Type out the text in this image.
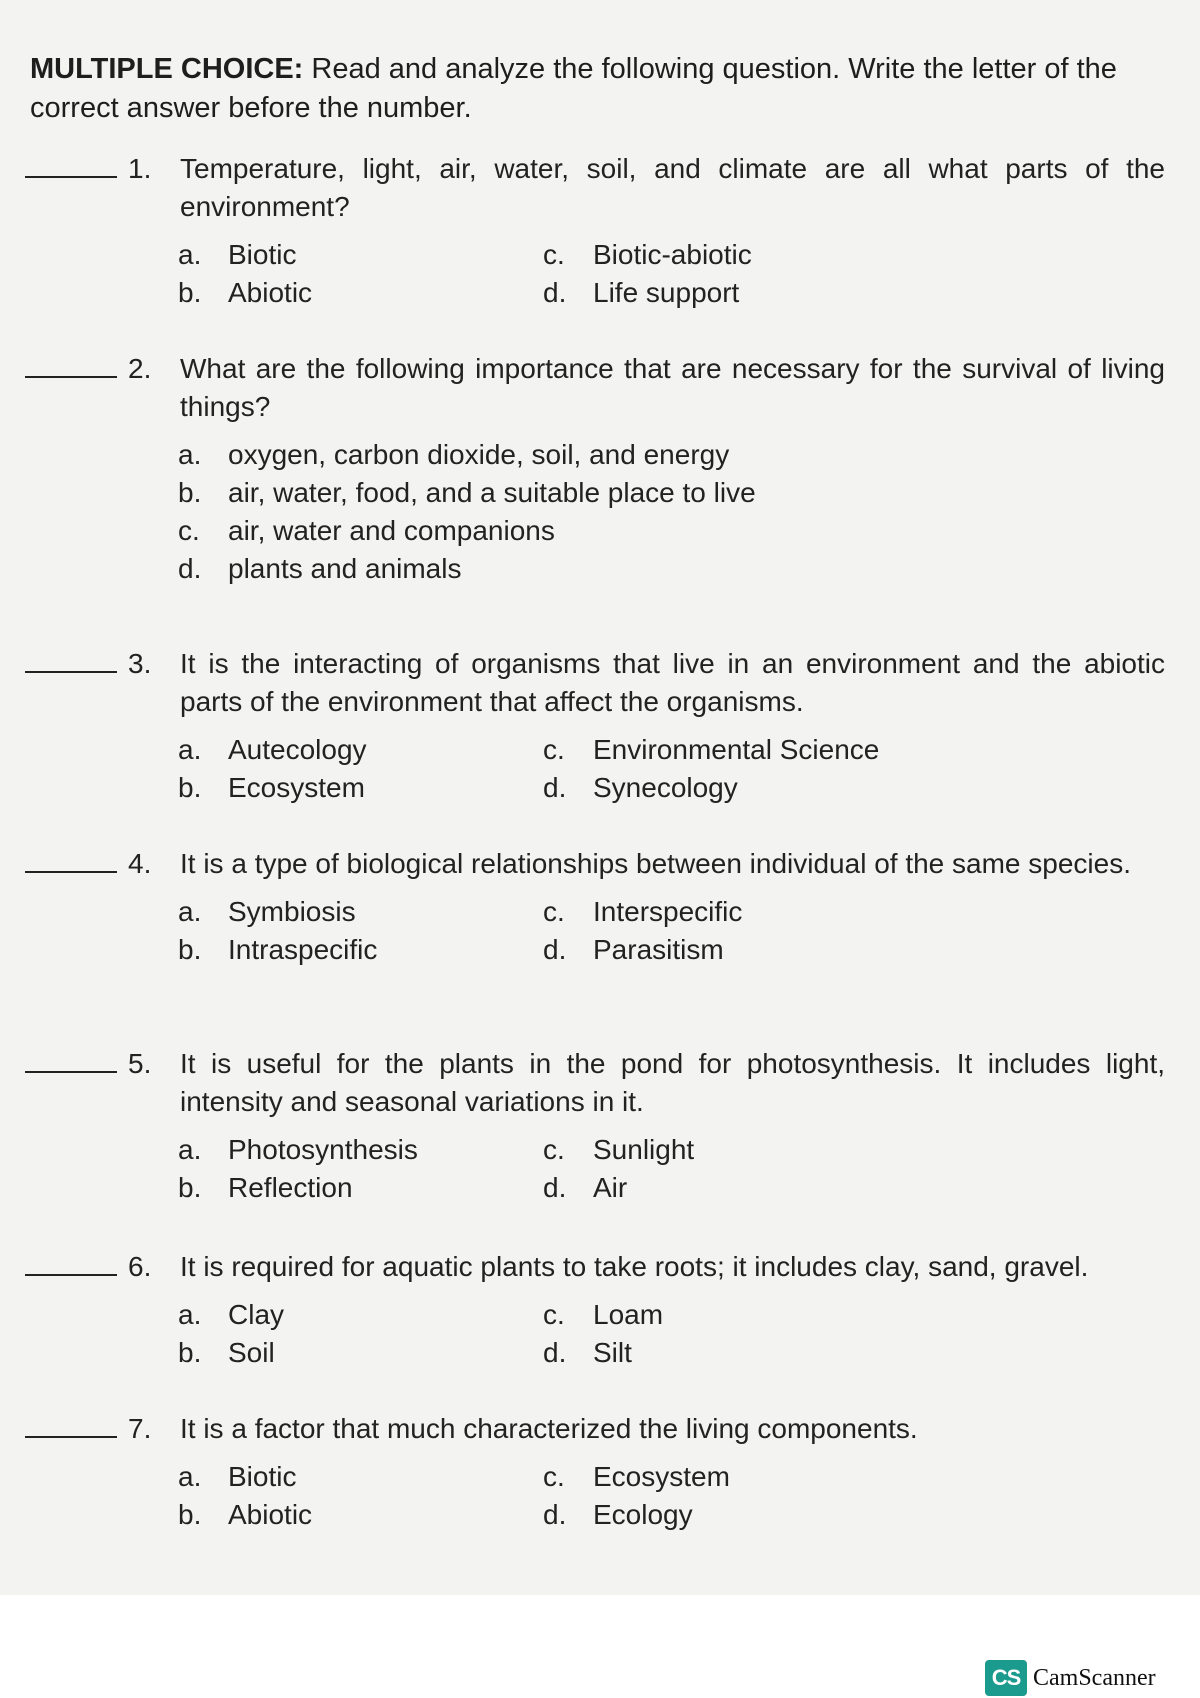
MULTIPLE CHOICE: Read and analyze the following question. Write the letter of the correct answer before the number.
1. Temperature, light, air, water, soil, and climate are all what parts of the environment?
a. Biotic	c. Biotic-abiotic
b. Abiotic	d. Life support
2. What are the following importance that are necessary for the survival of living things?
a. oxygen, carbon dioxide, soil, and energy
b. air, water, food, and a suitable place to live
c. air, water and companions
d. plants and animals
3. It is the interacting of organisms that live in an environment and the abiotic parts of the environment that affect the organisms.
a. Autecology	c. Environmental Science
b. Ecosystem	d. Synecology
4. It is a type of biological relationships between individual of the same species.
a. Symbiosis	c. Interspecific
b. Intraspecific	d. Parasitism
5. It is useful for the plants in the pond for photosynthesis. It includes light, intensity and seasonal variations in it.
a. Photosynthesis	c. Sunlight
b. Reflection	d. Air
6. It is required for aquatic plants to take roots; it includes clay, sand, gravel.
a. Clay	c. Loam
b. Soil	d. Silt
7. It is a factor that much characterized the living components.
a. Biotic	c. Ecosystem
b. Abiotic	d. Ecology
CS CamScanner
